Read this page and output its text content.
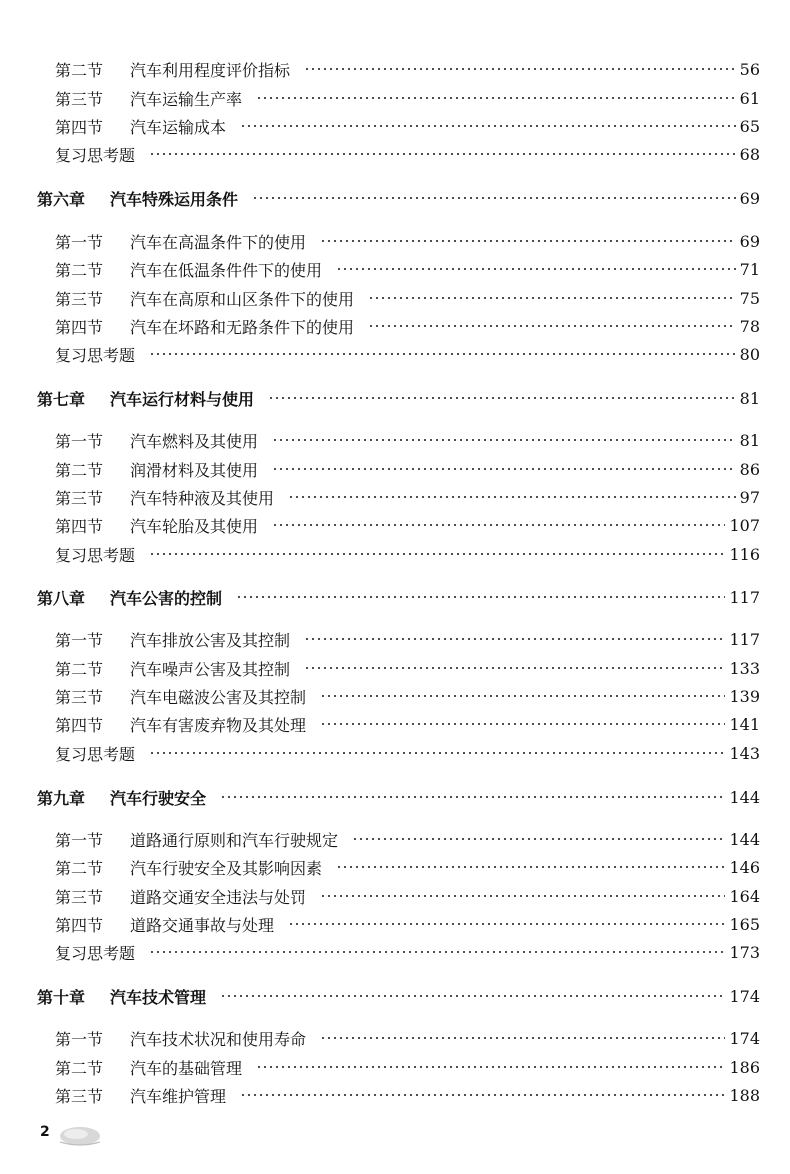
第二节 汽车利用程度评价指标	56
第三节 汽车运输生产率	61
第四节 汽车运输成本	65
复习思考题	68
第六章 汽车特殊运用条件	69
第一节 汽车在高温条件下的使用	69
第二节 汽车在低温条件件下的使用	71
第三节 汽车在高原和山区条件下的使用	75
第四节 汽车在坏路和无路条件下的使用	78
复习思考题	80
第七章 汽车运行材料与使用	81
第一节 汽车燃料及其使用	81
第二节 润滑材料及其使用	86
第三节 汽车特种液及其使用	97
第四节 汽车轮胎及其使用	107
复习思考题	116
第八章 汽车公害的控制	117
第一节 汽车排放公害及其控制	117
第二节 汽车噪声公害及其控制	133
第三节 汽车电磁波公害及其控制	139
第四节 汽车有害废弃物及其处理	141
复习思考题	143
第九章 汽车行驶安全	144
第一节 道路通行原则和汽车行驶规定	144
第二节 汽车行驶安全及其影响因素	146
第三节 道路交通安全违法与处罚	164
第四节 道路交通事故与处理	165
复习思考题	173
第十章 汽车技术管理	174
第一节 汽车技术状况和使用寿命	174
第二节 汽车的基础管理	186
第三节 汽车维护管理	188
2
